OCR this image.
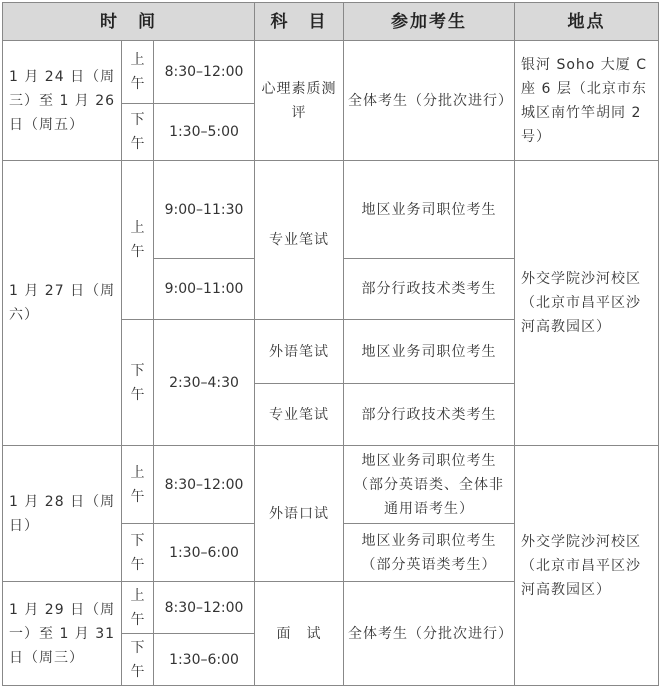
时　间			科　目	参加考生	地点
1 月 24 日（周三）至 1 月 26 日（周五）	上午	8:30–12:00	心理素质测评	全体考生（分批次进行）	银河 Soho 大厦 C 座 6 层（北京市东城区南竹竿胡同 2 号）
	下午	1:30–5:00			
1 月 27 日（周六）	上午	9:00–11:30	专业笔试	地区业务司职位考生	外交学院沙河校区（北京市昌平区沙河高教园区）
		9:00–11:00		部分行政技术类考生	
	下午	2:30–4:30	外语笔试	地区业务司职位考生	
			专业笔试	部分行政技术类考生	
1 月 28 日（周日）	上午	8:30–12:00	外语口试	地区业务司职位考生（部分英语类、全体非通用语考生）	外交学院沙河校区（北京市昌平区沙河高教园区）
	下午	1:30–6:00		地区业务司职位考生（部分英语类考生）	
1 月 29 日（周一）至 1 月 31 日（周三）	上午	8:30–12:00	面　试	全体考生（分批次进行）	
	下午	1:30–6:00			
